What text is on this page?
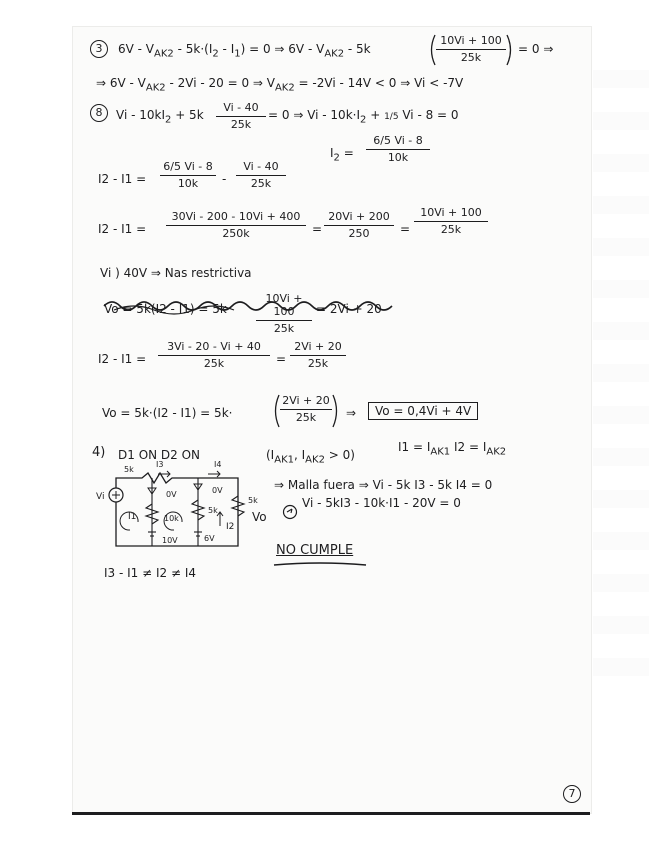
3	$6V - V_{AK2} - 5k\cdot(I_2 - I_1) = 0$ ⇒ $6V - V_{AK2} - 5k$	$\frac{10Vi + 100}{25k} = 0$ ⇒
⇒ $6V - V_{AK2} - 2Vi - 20 = 0$ ⇒ $V_{AK2} = -2Vi - 14V < 0$ ⇒ Vi < -7V
8	$Vi - 10kI_2 + 5k \frac{Vi - 40}{25k} = 0$ ⇒ $Vi - 10k\cdot I_2 + 1/5$ Vi - 8 = 0
$I_2 = \frac{6/5 Vi - 8}{10k}$
$I2 - I1 = \frac{6/5 Vi - 8}{10k} - \frac{Vi - 40}{25k}$
$I2 - I1 = \frac{30Vi - 200 - 10Vi + 400}{250k} = \frac{20Vi + 200}{250} = \frac{10Vi + 100}{25k}$
Vi ) 40V ⇒ Nas restrictiva
Vo = 5k(I2 - I1) = 5k	$\frac{10Vi + 100}{25k} = 2Vi + 20$
$I2 - I1 = \frac{3Vi - 20 - Vi + 40}{25k} = \frac{2Vi + 20}{25k}$
Vo = 5k·(I2 - I1) = 5k·	$\frac{2Vi + 20}{25k}$ ⇒	Vo = 0,4Vi + 4V
4) D1 ON D2 ON	($I_{AK1}$, $I_{AK2} > 0$)
$I1 = I_{AK1}$ $I2 = I_{AK2}$
⇒ Malla fuera ⇒ Vi - 5k I3 - 5k I4 = 0
Vo
Vi - 5kI3 - 10k·I1 - 20V = 0
NO CUMPLE
5k
I3	I4
0V	0V
10k
5k
5k
10V	6V
Vi
I1
I2
I3 - I1 ≠ I2 ≠ I4
7
